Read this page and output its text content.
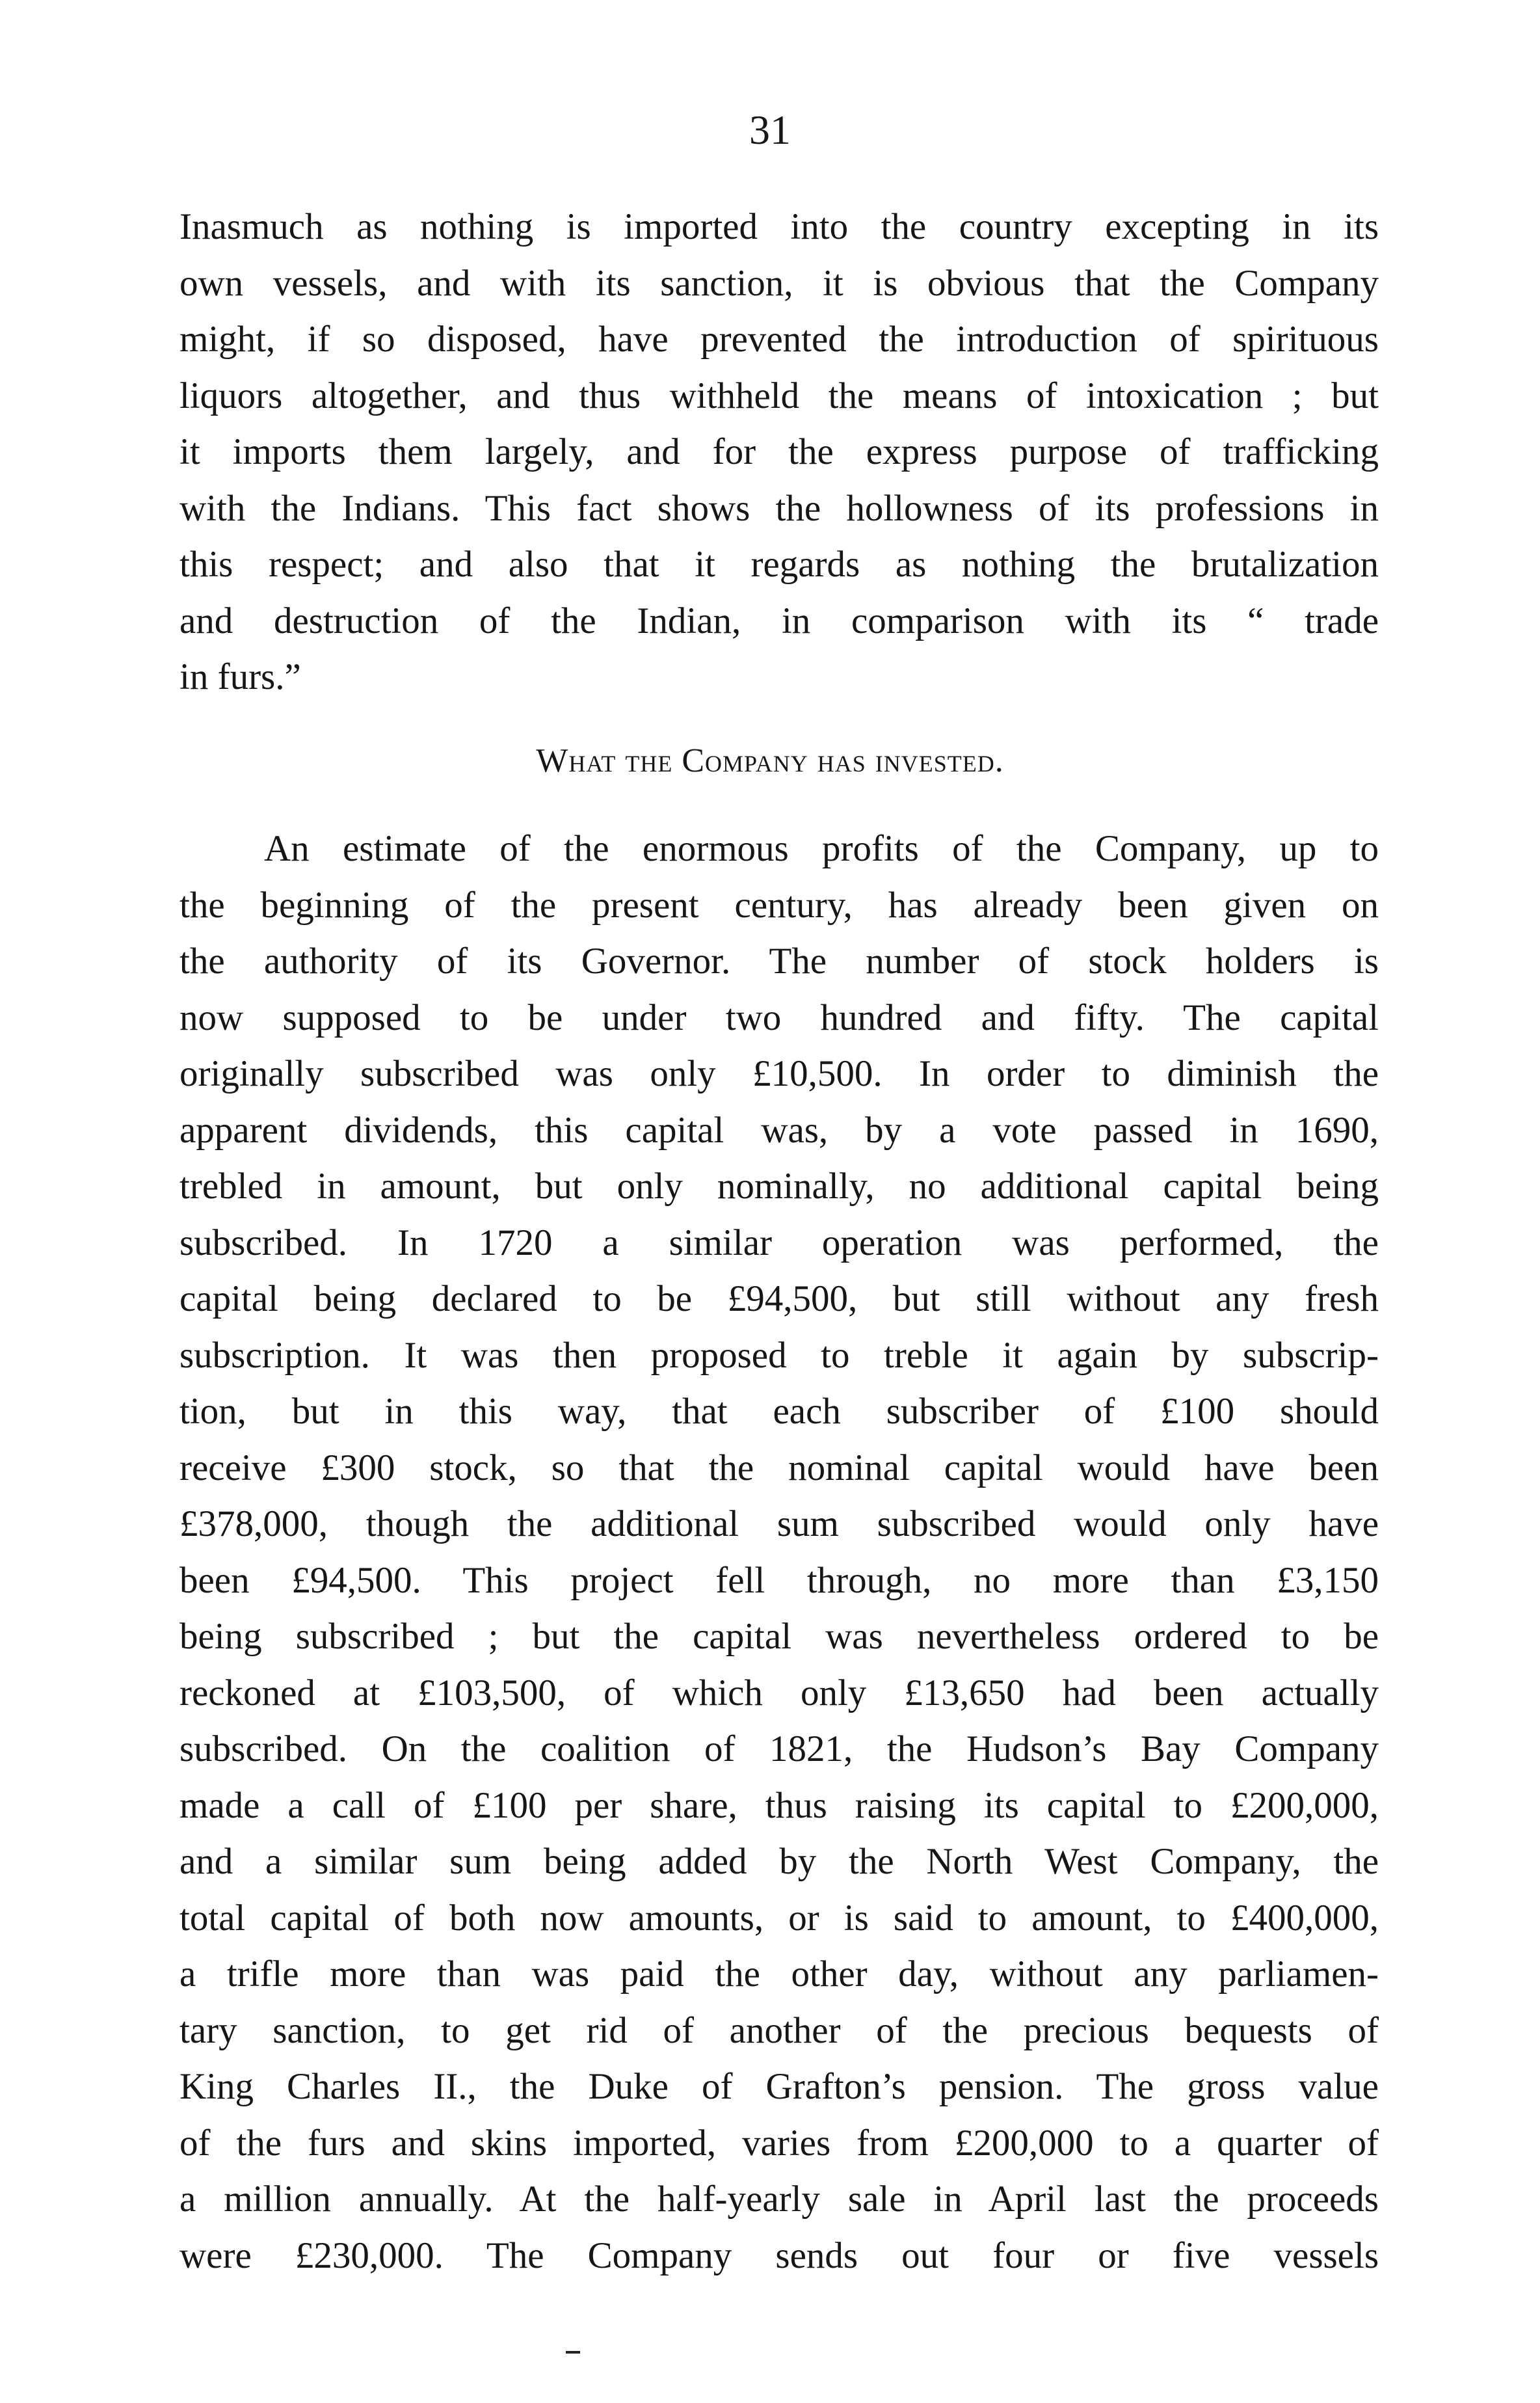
31
Inasmuch as nothing is imported into the country excepting in its
own vessels, and with its sanction, it is obvious that the Company
might, if so disposed, have prevented the introduction of spirituous
liquors altogether, and thus withheld the means of intoxication ; but
it imports them largely, and for the express purpose of trafficking
with the Indians. This fact shows the hollowness of its professions in
this respect; and also that it regards as nothing the brutalization
and destruction of the Indian, in comparison with its “ trade
in furs.”
What the Company has invested.
An estimate of the enormous profits of the Company, up to
the beginning of the present century, has already been given on
the authority of its Governor. The number of stock holders is
now supposed to be under two hundred and fifty. The capital
originally subscribed was only £10,500. In order to diminish the
apparent dividends, this capital was, by a vote passed in 1690,
trebled in amount, but only nominally, no additional capital being
subscribed. In 1720 a similar operation was performed, the
capital being declared to be £94,500, but still without any fresh
subscription. It was then proposed to treble it again by subscrip-
tion, but in this way, that each subscriber of £100 should
receive £300 stock, so that the nominal capital would have been
£378,000, though the additional sum subscribed would only have
been £94,500. This project fell through, no more than £3,150
being subscribed ; but the capital was nevertheless ordered to be
reckoned at £103,500, of which only £13,650 had been actually
subscribed. On the coalition of 1821, the Hudson’s Bay Company
made a call of £100 per share, thus raising its capital to £200,000,
and a similar sum being added by the North West Company, the
total capital of both now amounts, or is said to amount, to £400,000,
a trifle more than was paid the other day, without any parliamen-
tary sanction, to get rid of another of the precious bequests of
King Charles II., the Duke of Grafton’s pension. The gross value
of the furs and skins imported, varies from £200,000 to a quarter of
a million annually. At the half-yearly sale in April last the proceeds
were £230,000. The Company sends out four or five vessels
